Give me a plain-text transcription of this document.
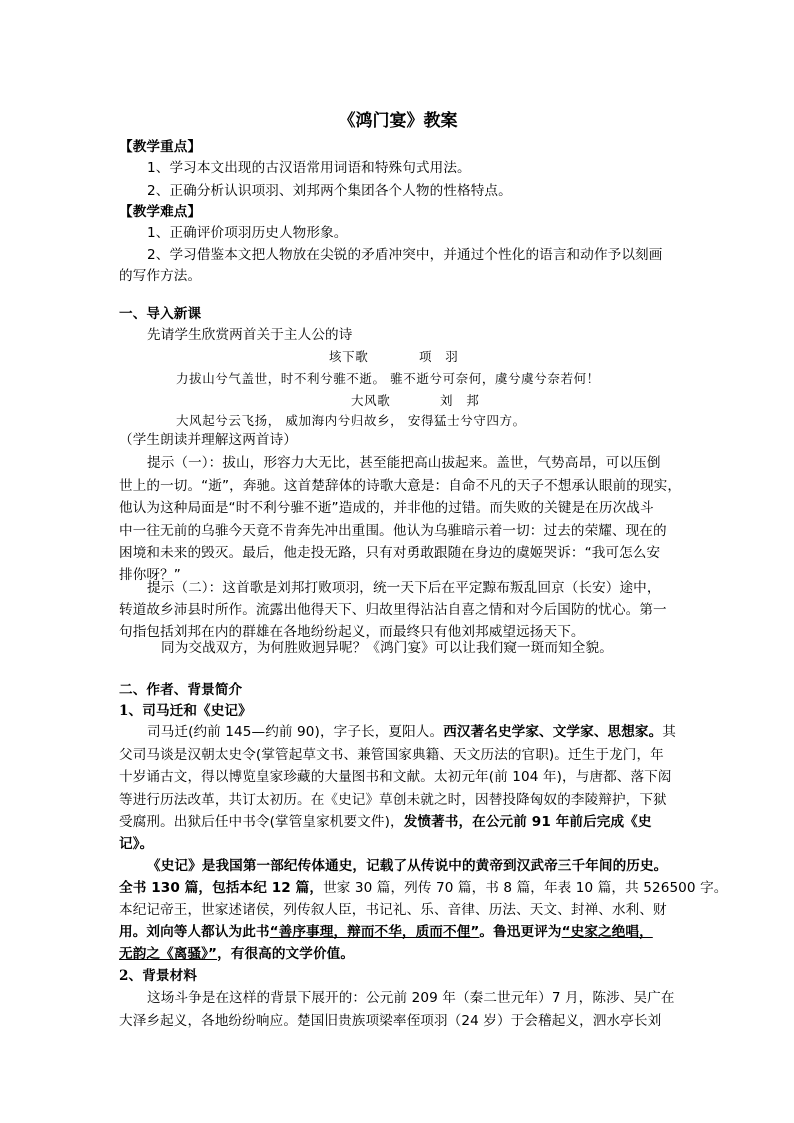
《鸿门宴》教案
【教学重点】
1、学习本文出现的古汉语常用词语和特殊句式用法。
2、正确分析认识项羽、刘邦两个集团各个人物的性格特点。
【教学难点】
1、正确评价项羽历史人物形象。
2、学习借鉴本文把人物放在尖锐的矛盾冲突中，并通过个性化的语言和动作予以刻画
的写作方法。
一、导入新课
先请学生欣赏两首关于主人公的诗
垓下歌	项　羽
力拔山兮气盖世，时不利兮骓不逝。 骓不逝兮可奈何，虞兮虞兮奈若何！
大风歌	刘　邦
大风起兮云飞扬， 威加海内兮归故乡， 安得猛士兮守四方。
（学生朗读并理解这两首诗）
提示（一）：拔山，形容力大无比，甚至能把高山拔起来。盖世，气势高昂，可以压倒
世上的一切。“逝”，奔驰。这首楚辞体的诗歌大意是：自命不凡的天子不想承认眼前的现实，
他认为这种局面是“时不利兮骓不逝”造成的，并非他的过错。而失败的关键是在历次战斗
中一往无前的乌骓今天竟不肯奔先冲出重围。他认为乌骓暗示着一切：过去的荣耀、现在的
困境和未来的毁灭。最后，他走投无路，只有对勇敢跟随在身边的虞姬哭诉：“我可怎么安
排你呀？”
提示（二）：这首歌是刘邦打败项羽，统一天下后在平定黥布叛乱回京（长安）途中，
转道故乡沛县时所作。流露出他得天下、归故里得沾沾自喜之情和对今后国防的忧心。第一
句指包括刘邦在内的群雄在各地纷纷起义，而最终只有他刘邦威望远扬天下。
同为交战双方，为何胜败迥异呢？《鸿门宴》可以让我们窥一斑而知全貌。
二、作者、背景简介
1、司马迁和《史记》
司马迁(约前 145—约前 90)，字子长，夏阳人。西汉著名史学家、文学家、思想家。其
父司马谈是汉朝太史令(掌管起草文书、兼管国家典籍、天文历法的官职)。迁生于龙门，年
十岁诵古文，得以博览皇家珍藏的大量图书和文献。太初元年(前 104 年)，与唐都、落下闳
等进行历法改革，共订太初历。在《史记》草创未就之时，因替投降匈奴的李陵辩护，下狱
受腐刑。出狱后任中书令(掌管皇家机要文件)，发愤著书，在公元前 91 年前后完成《史
记》。
《史记》是我国第一部纪传体通史，记载了从传说中的黄帝到汉武帝三千年间的历史。
全书 130 篇，包括本纪 12 篇，世家 30 篇，列传 70 篇，书 8 篇，年表 10 篇，共 526500 字。
本纪记帝王，世家述诸侯，列传叙人臣，书记礼、乐、音律、历法、天文、封禅、水利、财
用。刘向等人都认为此书“善序事理，辩而不华，质而不俚”。鲁迅更评为“史家之绝唱，
无韵之《离骚》”，有很高的文学价值。
2、背景材料
这场斗争是在这样的背景下展开的：公元前 209 年（秦二世元年）7 月，陈涉、吴广在
大泽乡起义，各地纷纷响应。楚国旧贵族项梁率侄项羽（24 岁）于会稽起义，泗水亭长刘
